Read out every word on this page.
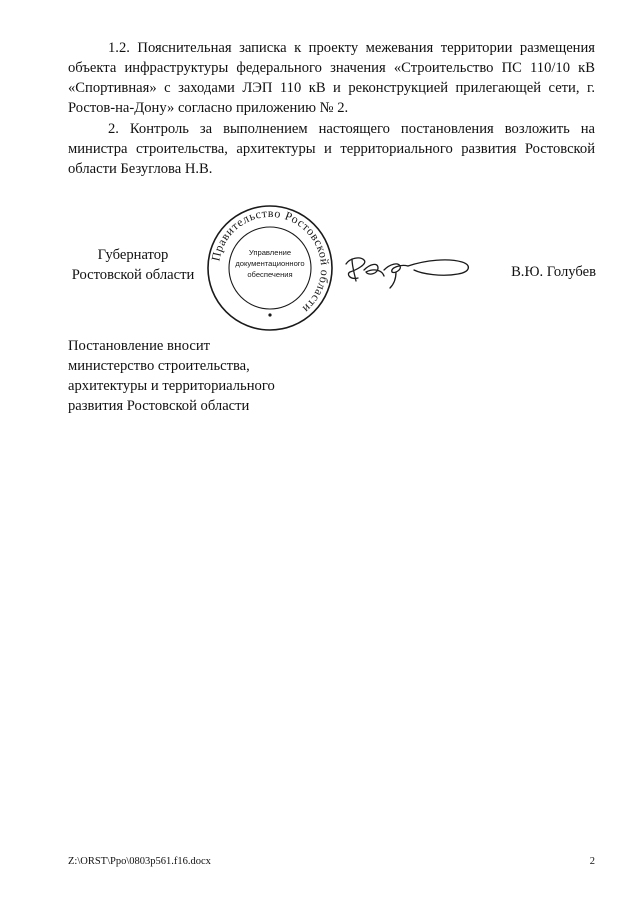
1.2. Пояснительная записка к проекту межевания территории размещения объекта инфраструктуры федерального значения «Строительство ПС 110/10 кВ «Спортивная» с заходами ЛЭП 110 кВ и реконструкцией прилегающей сети, г. Ростов-на-Дону» согласно приложению № 2.

2. Контроль за выполнением настоящего постановления возложить на министра строительства, архитектуры и территориального развития Ростовской области Безуглова Н.В.

Губернатор
Ростовской области
Правительство Ростовской области
Управление
документационного
обеспечения	В.Ю. Голубев
Постановление вносит
министерство строительства,
архитектуры и территориального
развития Ростовской области
Z:\ORST\Ppo\0803p561.f16.docx	2
